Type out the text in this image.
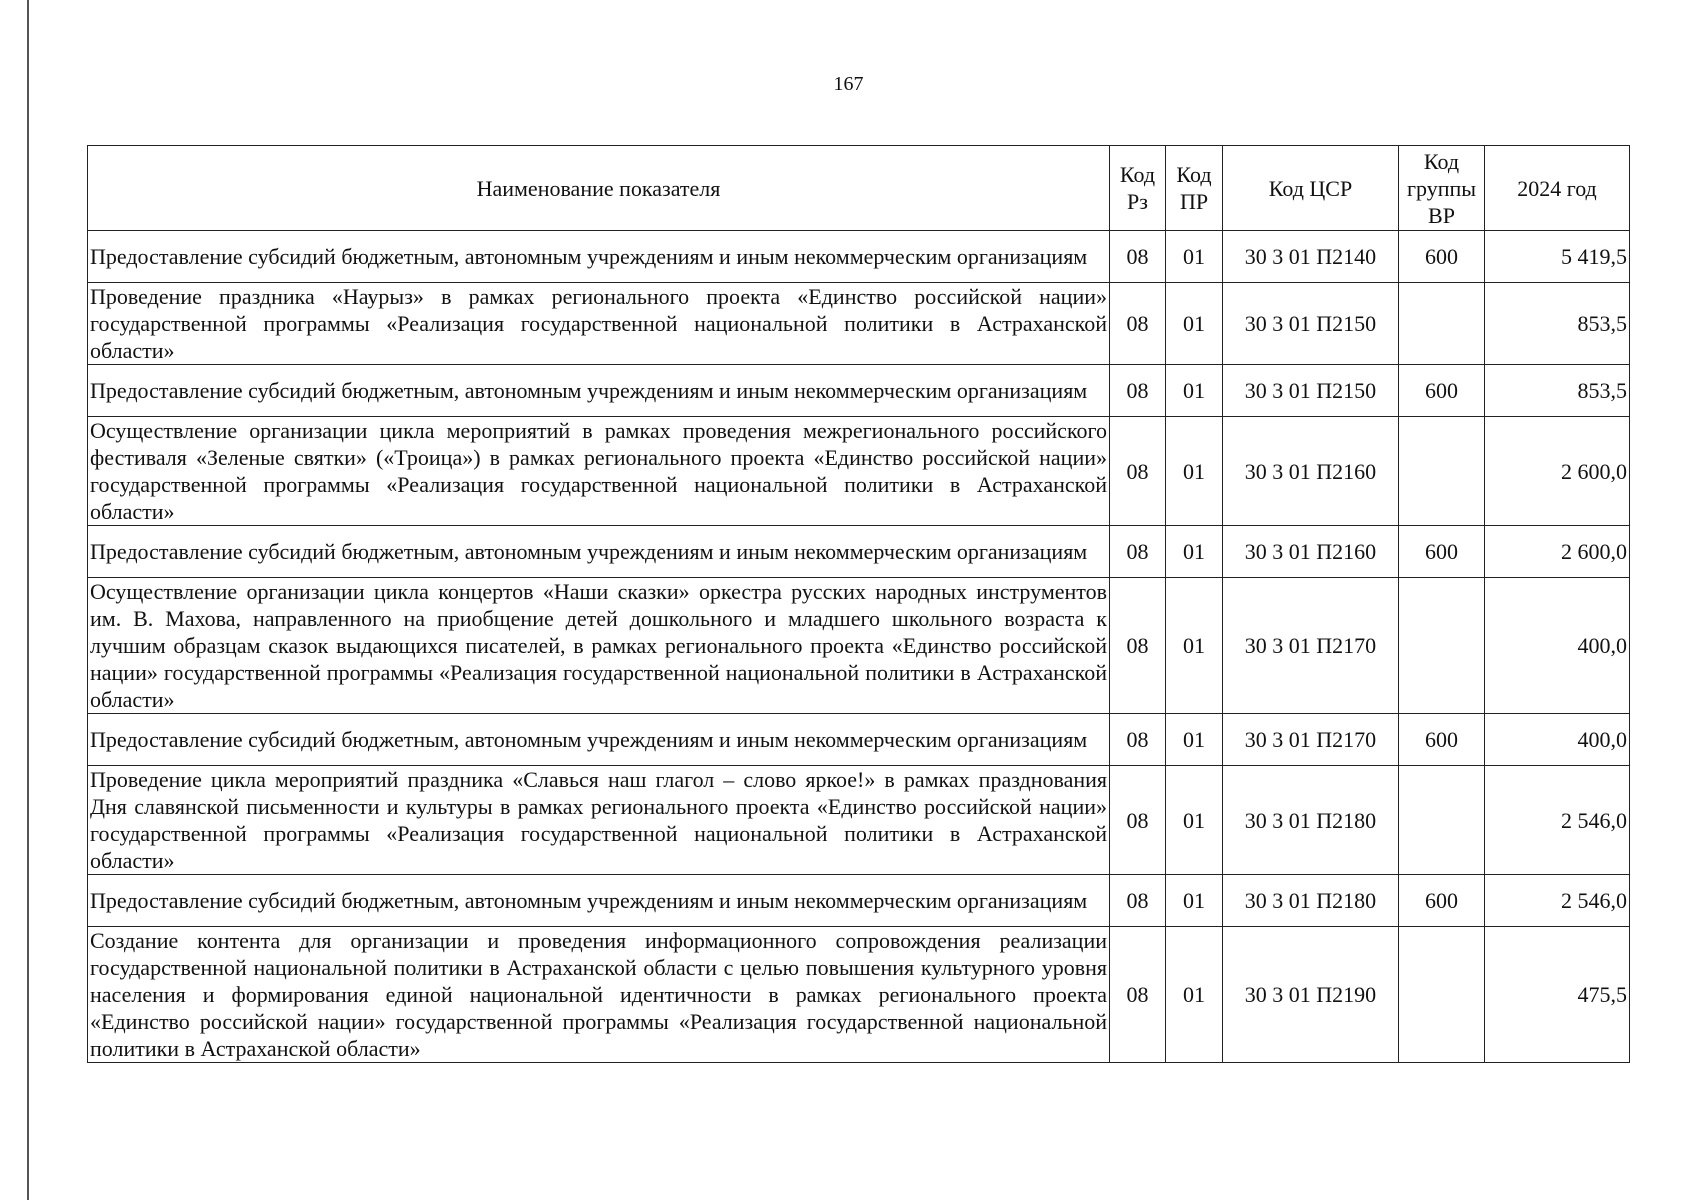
167
Наименование показателя	Код Рз	Код ПР	Код ЦСР	Код группы ВР	2024 год
Предоставление субсидий бюджетным, автономным учреждениям и иным некоммерческим организациям	08	01	30 3 01 П2140	600	5 419,5
Проведение праздника «Наурыз» в рамках регионального проекта «Единство российской нации» государственной программы «Реализация государственной национальной политики в Астраханской области»	08	01	30 3 01 П2150		853,5
Предоставление субсидий бюджетным, автономным учреждениям и иным некоммерческим организациям	08	01	30 3 01 П2150	600	853,5
Осуществление организации цикла мероприятий в рамках проведения межрегионального российского фестиваля «Зеленые святки» («Троица») в рамках регионального проекта «Единство российской нации» государственной программы «Реализация государственной национальной политики в Астраханской области»	08	01	30 3 01 П2160		2 600,0
Предоставление субсидий бюджетным, автономным учреждениям и иным некоммерческим организациям	08	01	30 3 01 П2160	600	2 600,0
Осуществление организации цикла концертов «Наши сказки» оркестра русских народных инструментов им. В. Махова, направленного на приобщение детей дошкольного и младшего школьного возраста к лучшим образцам сказок выдающихся писателей, в рамках регионального проекта «Единство российской нации» государственной программы «Реализация государственной национальной политики в Астраханской области»	08	01	30 3 01 П2170		400,0
Предоставление субсидий бюджетным, автономным учреждениям и иным некоммерческим организациям	08	01	30 3 01 П2170	600	400,0
Проведение цикла мероприятий праздника «Славься наш глагол – слово яркое!» в рамках празднования Дня славянской письменности и культуры в рамках регионального проекта «Единство российской нации» государственной программы «Реализация государственной национальной политики в Астраханской области»	08	01	30 3 01 П2180		2 546,0
Предоставление субсидий бюджетным, автономным учреждениям и иным некоммерческим организациям	08	01	30 3 01 П2180	600	2 546,0
Создание контента для организации и проведения информационного сопровождения реализации государственной национальной политики в Астраханской области с целью повышения культурного уровня населения и формирования единой национальной идентичности в рамках регионального проекта «Единство российской нации» государственной программы «Реализация государственной национальной политики в Астраханской области»	08	01	30 3 01 П2190		475,5
